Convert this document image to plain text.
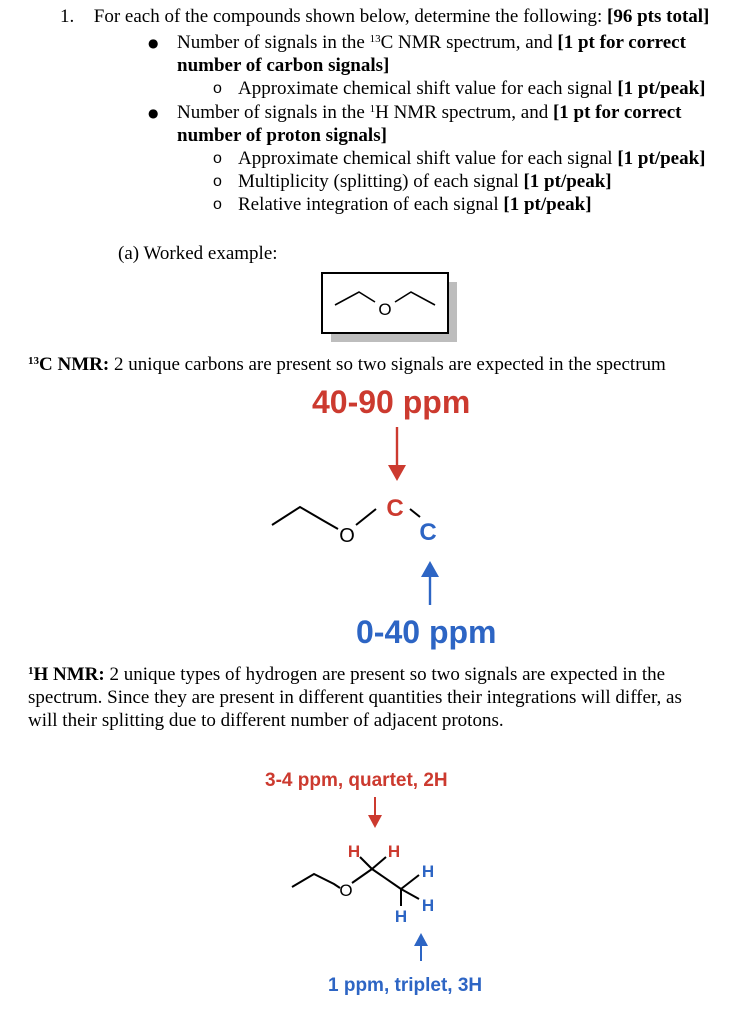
1. For each of the compounds shown below, determine the following: [96 pts total]
● Number of signals in the $^{13}$C NMR spectrum, and [1 pt for correct
number of carbon signals]
o Approximate chemical shift value for each signal [1 pt/peak]
● Number of signals in the $^1$H NMR spectrum, and [1 pt for correct
number of proton signals]
o Approximate chemical shift value for each signal [1 pt/peak]
o Multiplicity (splitting) of each signal [1 pt/peak]
o Relative integration of each signal [1 pt/peak]
(a) Worked example:
O
$^{13}$C NMR: 2 unique carbons are present so two signals are expected in the spectrum
40-90 ppm
O
C
C
0-40 ppm
$^1$H NMR: 2 unique types of hydrogen are present so two signals are expected in the
spectrum. Since they are present in different quantities their integrations will differ, as
will their splitting due to different number of adjacent protons.
3-4 ppm, quartet, 2H
O
H H
H
H
H
1 ppm, triplet, 3H
